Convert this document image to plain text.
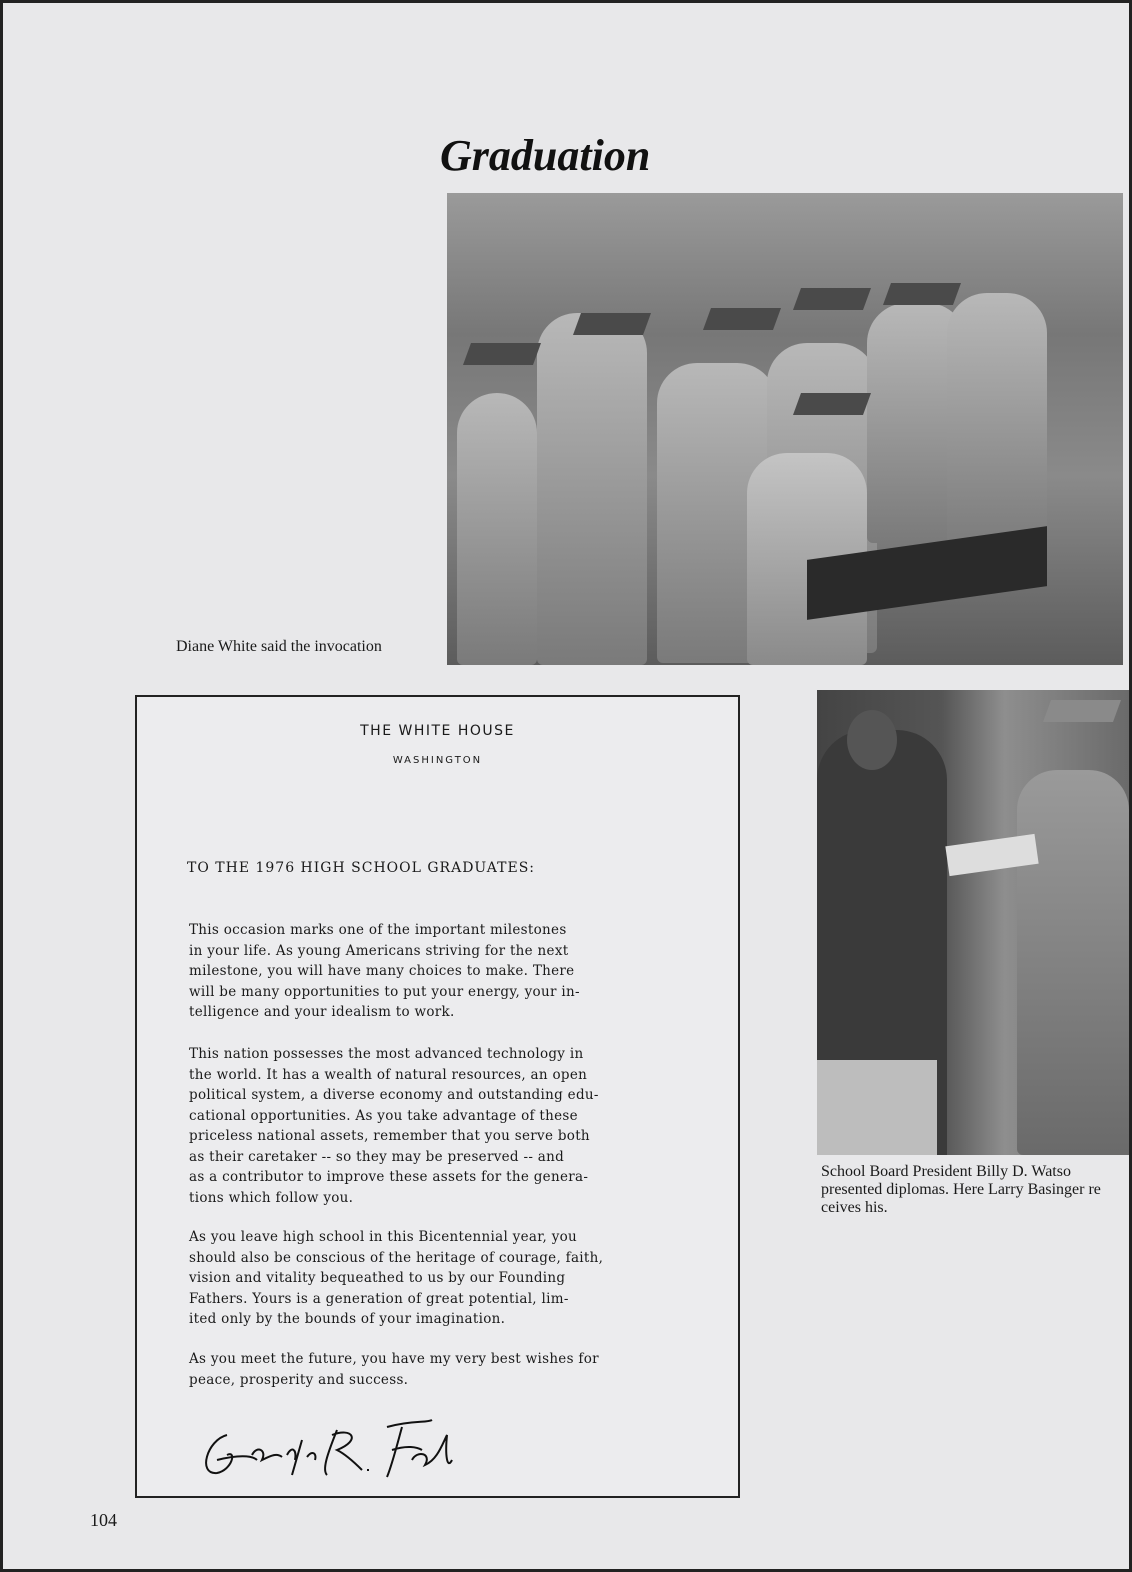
Graduation
Diane White said the invocation
School Board President Billy D. Watso
presented diplomas. Here Larry Basinger re
ceives his.
THE WHITE HOUSE
WASHINGTON
TO THE 1976 HIGH SCHOOL GRADUATES:
This occasion marks one of the important milestones
in your life. As young Americans striving for the next
milestone, you will have many choices to make. There
will be many opportunities to put your energy, your in-
telligence and your idealism to work.
This nation possesses the most advanced technology in
the world. It has a wealth of natural resources, an open
political system, a diverse economy and outstanding edu-
cational opportunities. As you take advantage of these
priceless national assets, remember that you serve both
as their caretaker -- so they may be preserved -- and
as a contributor to improve these assets for the genera-
tions which follow you.
As you leave high school in this Bicentennial year, you
should also be conscious of the heritage of courage, faith,
vision and vitality bequeathed to us by our Founding
Fathers. Yours is a generation of great potential, lim-
ited only by the bounds of your imagination.
As you meet the future, you have my very best wishes for
peace, prosperity and success.
104
